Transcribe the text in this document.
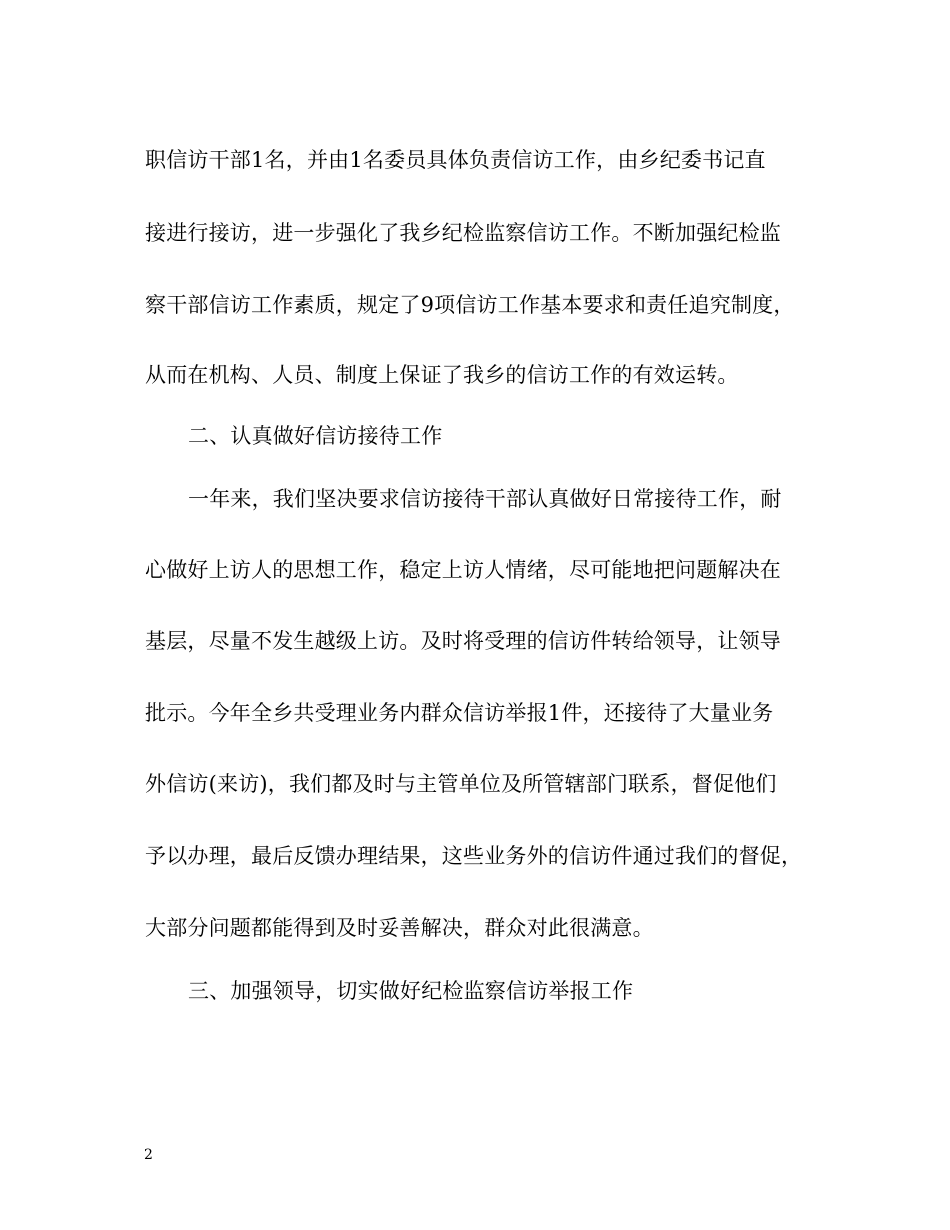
职信访干部1名，并由1名委员具体负责信访工作，由乡纪委书记直
接进行接访，进一步强化了我乡纪检监察信访工作。不断加强纪检监
察干部信访工作素质，规定了9项信访工作基本要求和责任追究制度，
从而在机构、人员、制度上保证了我乡的信访工作的有效运转。
二、认真做好信访接待工作
一年来，我们坚决要求信访接待干部认真做好日常接待工作，耐
心做好上访人的思想工作，稳定上访人情绪，尽可能地把问题解决在
基层，尽量不发生越级上访。及时将受理的信访件转给领导，让领导
批示。今年全乡共受理业务内群众信访举报1件，还接待了大量业务
外信访(来访)，我们都及时与主管单位及所管辖部门联系，督促他们
予以办理，最后反馈办理结果，这些业务外的信访件通过我们的督促，
大部分问题都能得到及时妥善解决，群众对此很满意。
三、加强领导，切实做好纪检监察信访举报工作
2
